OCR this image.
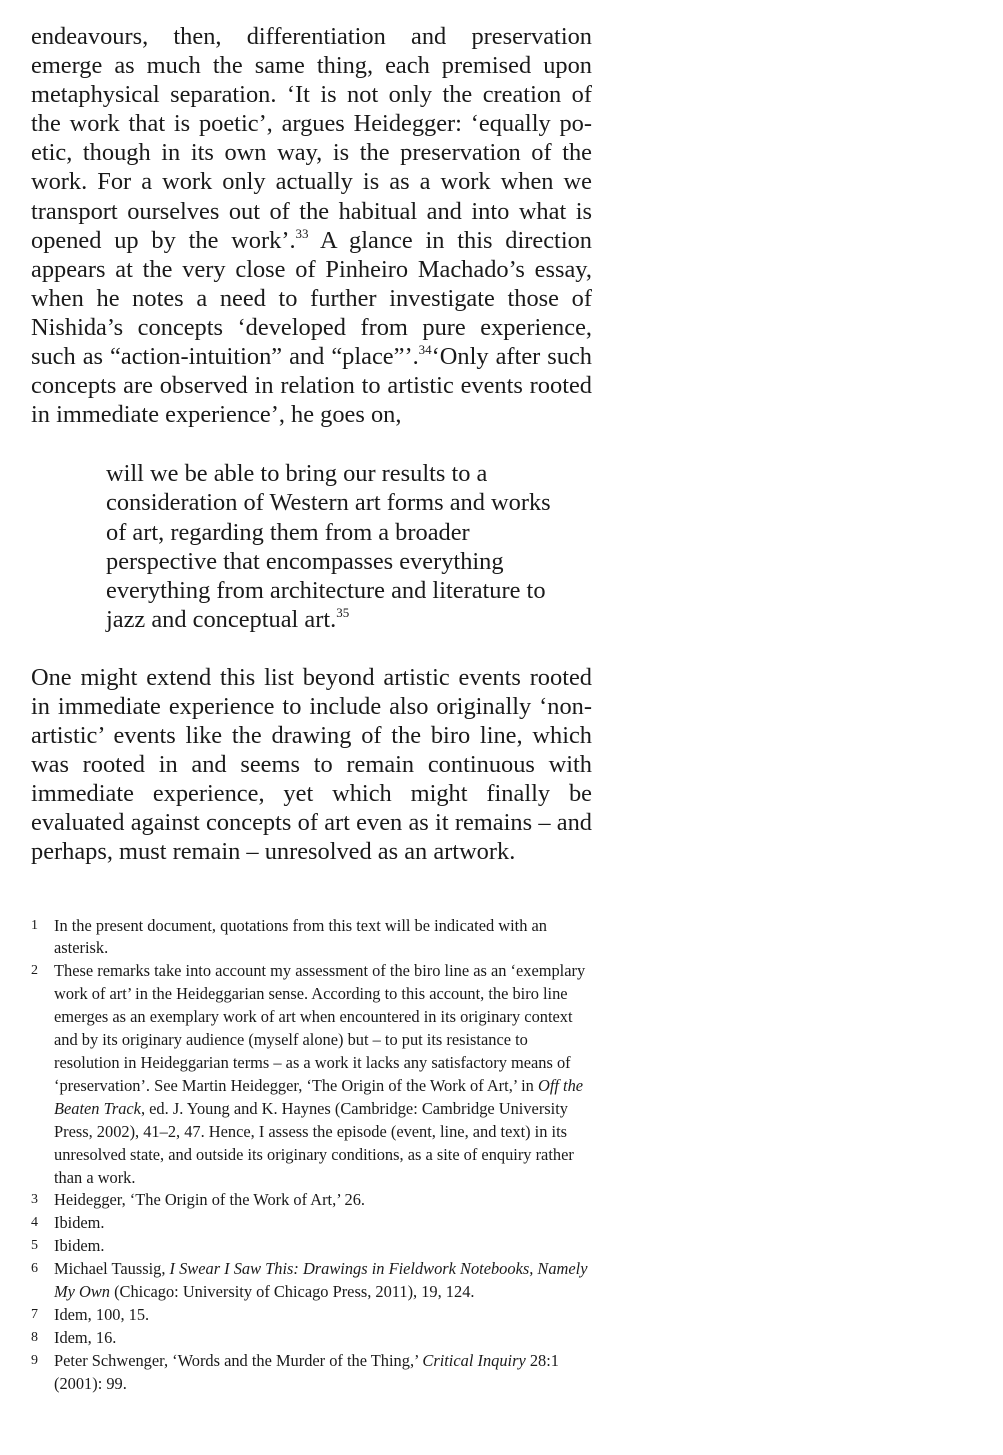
endeavours, then, differentiation and preservation emerge as much the same thing, each premised upon metaphysical separation. ‘It is not only the creation of the work that is poetic’, argues Heidegger: ‘equally poetic, though in its own way, is the preservation of the work. For a work only actually is as a work when we transport ourselves out of the habitual and into what is opened up by the work’.$^{33}$ A glance in this direction appears at the very close of Pinheiro Machado’s essay, when he notes a need to further investigate those of Nishida’s concepts ‘developed from pure experience, such as “action-intuition” and “place”’.$^{34}$‘Only after such concepts are observed in relation to artistic events rooted in immediate experience’, he goes on,

will we be able to bring our results to a consideration of Western art forms and works of art, regarding them from a broader perspective that encompasses everything everything from architecture and literature to jazz and conceptual art.$^{35}$

One might extend this list beyond artistic events rooted in immediate experience to include also originally ‘non-artistic’ events like the drawing of the biro line, which was rooted in and seems to remain continuous with immediate experience, yet which might finally be evaluated against concepts of art even as it remains – and perhaps, must remain – unresolved as an artwork.

1 In the present document, quotations from this text will be indicated with an asterisk.
2 These remarks take into account my assessment of the biro line as an ‘exemplary work of art’ in the Heideggarian sense. According to this account, the biro line emerges as an exemplary work of art when encountered in its originary context and by its originary audience (myself alone) but – to put its resistance to resolution in Heideggarian terms – as a work it lacks any satisfactory means of ‘preservation’. See Martin Heidegger, ‘The Origin of the Work of Art,’ in Off the Beaten Track, ed. J. Young and K. Haynes (Cambridge: Cambridge University Press, 2002), 41–2, 47. Hence, I assess the episode (event, line, and text) in its unresolved state, and outside its originary conditions, as a site of enquiry rather than a work.
3 Heidegger, ‘The Origin of the Work of Art,’ 26.
4 Ibidem.
5 Ibidem.
6 Michael Taussig, I Swear I Saw This: Drawings in Fieldwork Notebooks, Namely My Own (Chicago: University of Chicago Press, 2011), 19, 124.
7 Idem, 100, 15.
8 Idem, 16.
9 Peter Schwenger, ‘Words and the Murder of the Thing,’ Critical Inquiry 28:1 (2001): 99.
